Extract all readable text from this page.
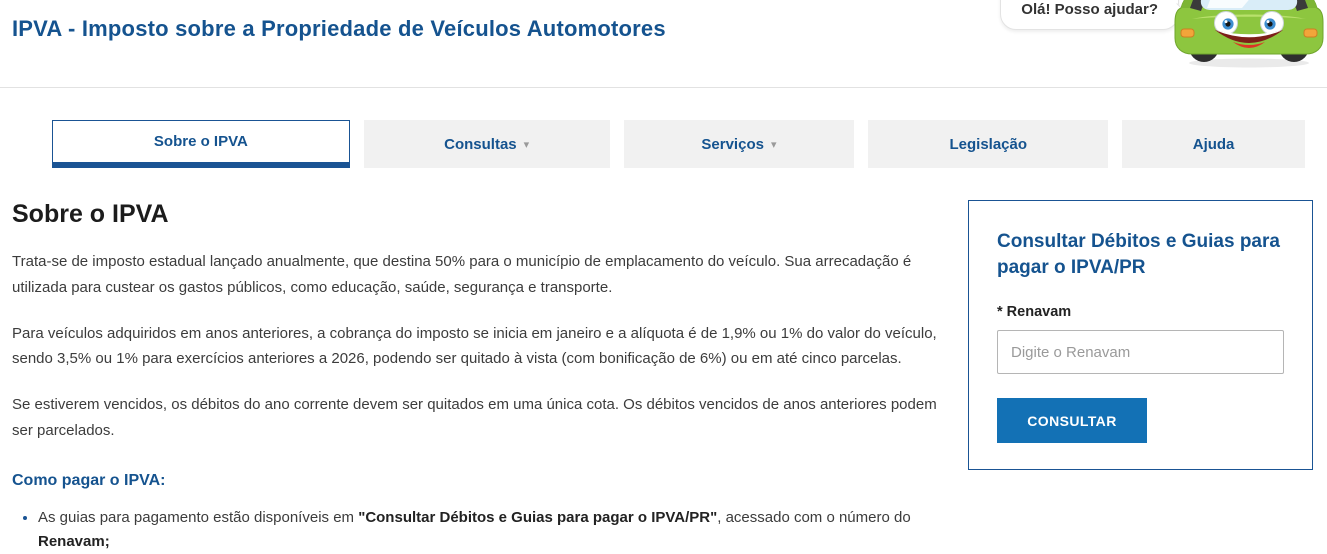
IPVA - Imposto sobre a Propriedade de Veículos Automotores
Olá! Posso ajudar?
Sobre o IPVA	Consultas ▾	Serviços ▾	Legislação	Ajuda
Sobre o IPVA

Trata-se de imposto estadual lançado anualmente, que destina 50% para o município de emplacamento do veículo. Sua arrecadação é utilizada para custear os gastos públicos, como educação, saúde, segurança e transporte.

Para veículos adquiridos em anos anteriores, a cobrança do imposto se inicia em janeiro e a alíquota é de 1,9% ou 1% do valor do veículo, sendo 3,5% ou 1% para exercícios anteriores a 2026, podendo ser quitado à vista (com bonificação de 6%) ou em até cinco parcelas.

Se estiverem vencidos, os débitos do ano corrente devem ser quitados em uma única cota. Os débitos vencidos de anos anteriores podem ser parcelados.

Como pagar o IPVA:
• As guias para pagamento estão disponíveis em "Consultar Débitos e Guias para pagar o IPVA/PR", acessado com o número do Renavam;
Consultar Débitos e Guias para pagar o IPVA/PR
* Renavam
Digite o Renavam CONSULTAR
